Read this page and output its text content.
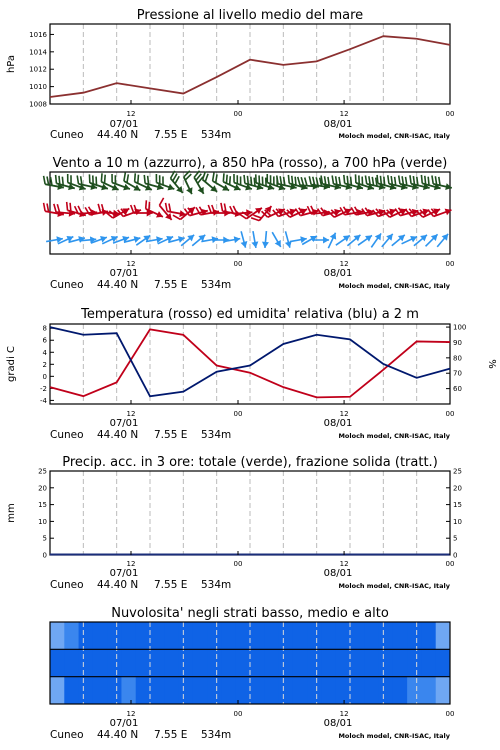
Pressione al livello medio del mare
1008
1010
1012
1014
1016
hPa
12	00	12	00
07/01	08/01
Cuneo 44.40 N 7.55 E 534m	Moloch model, CNR-ISAC, Italy
Vento a 10 m (azzurro), a 850 hPa (rosso), a 700 hPa (verde)
12	00	12	00
07/01	08/01
Cuneo 44.40 N 7.55 E 534m	Moloch model, CNR-ISAC, Italy
Temperatura (rosso) ed umidita' relativa (blu) a 2 m
-4
-2
0
2
4
6
8
60
70
80
90
100
gradi C	%
12	00	12	00
07/01	08/01
Cuneo 44.40 N 7.55 E 534m	Moloch model, CNR-ISAC, Italy
Precip. acc. in 3 ore: totale (verde), frazione solida (tratt.)
0	0
5	5
10	10
15	15
20	20
25	25
mm
12	00	12	00
07/01	08/01
Cuneo 44.40 N 7.55 E 534m	Moloch model, CNR-ISAC, Italy
Nuvolosita' negli strati basso, medio e alto
12	00	12	00
07/01	08/01
Cuneo 44.40 N 7.55 E 534m	Moloch model, CNR-ISAC, Italy
